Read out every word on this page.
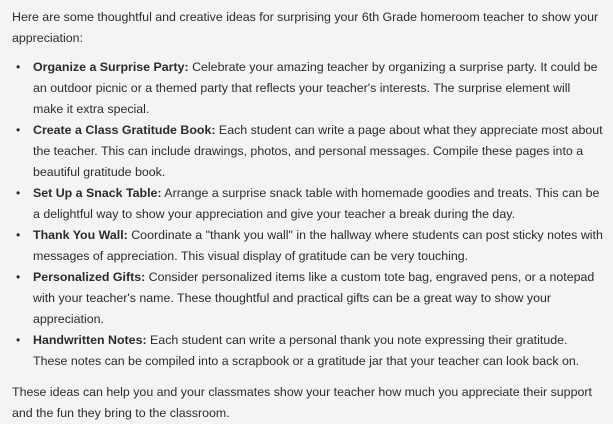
Here are some thoughtful and creative ideas for surprising your 6th Grade homeroom teacher to show your appreciation:

• Organize a Surprise Party: Celebrate your amazing teacher by organizing a surprise party. It could be an outdoor picnic or a themed party that reflects your teacher's interests. The surprise element will make it extra special.
• Create a Class Gratitude Book: Each student can write a page about what they appreciate most about the teacher. This can include drawings, photos, and personal messages. Compile these pages into a beautiful gratitude book.
• Set Up a Snack Table: Arrange a surprise snack table with homemade goodies and treats. This can be a delightful way to show your appreciation and give your teacher a break during the day.
• Thank You Wall: Coordinate a "thank you wall" in the hallway where students can post sticky notes with messages of appreciation. This visual display of gratitude can be very touching.
• Personalized Gifts: Consider personalized items like a custom tote bag, engraved pens, or a notepad with your teacher's name. These thoughtful and practical gifts can be a great way to show your appreciation.
• Handwritten Notes: Each student can write a personal thank you note expressing their gratitude. These notes can be compiled into a scrapbook or a gratitude jar that your teacher can look back on.

These ideas can help you and your classmates show your teacher how much you appreciate their support and the fun they bring to the classroom.
